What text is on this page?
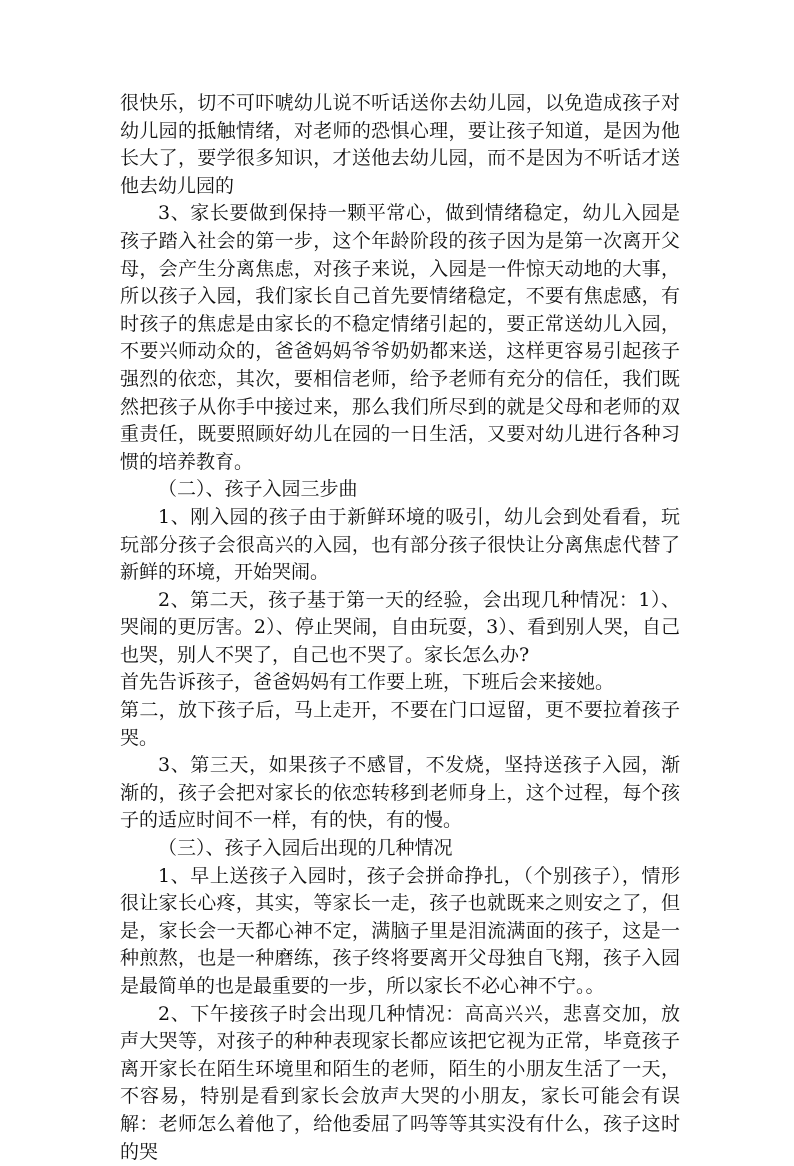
很快乐，切不可吓唬幼儿说不听话送你去幼儿园，以免造成孩子对幼儿园的抵触情绪，对老师的恐惧心理，要让孩子知道，是因为他长大了，要学很多知识，才送他去幼儿园，而不是因为不听话才送他去幼儿园的

3、家长要做到保持一颗平常心，做到情绪稳定，幼儿入园是孩子踏入社会的第一步，这个年龄阶段的孩子因为是第一次离开父母，会产生分离焦虑，对孩子来说，入园是一件惊天动地的大事，所以孩子入园，我们家长自己首先要情绪稳定，不要有焦虑感，有时孩子的焦虑是由家长的不稳定情绪引起的，要正常送幼儿入园，不要兴师动众的，爸爸妈妈爷爷奶奶都来送，这样更容易引起孩子强烈的依恋，其次，要相信老师，给予老师有充分的信任，我们既然把孩子从你手中接过来，那么我们所尽到的就是父母和老师的双重责任，既要照顾好幼儿在园的一日生活，又要对幼儿进行各种习惯的培养教育。

（二）、孩子入园三步曲

1、刚入园的孩子由于新鲜环境的吸引，幼儿会到处看看，玩玩部分孩子会很高兴的入园，也有部分孩子很快让分离焦虑代替了新鲜的环境，开始哭闹。

2、第二天，孩子基于第一天的经验，会出现几种情况：1）、哭闹的更厉害。2）、停止哭闹，自由玩耍，3）、看到别人哭，自己也哭，别人不哭了，自己也不哭了。家长怎么办?

首先告诉孩子，爸爸妈妈有工作要上班，下班后会来接她。

第二，放下孩子后，马上走开，不要在门口逗留，更不要拉着孩子哭。

3、第三天，如果孩子不感冒，不发烧，坚持送孩子入园，渐渐的，孩子会把对家长的依恋转移到老师身上，这个过程，每个孩子的适应时间不一样，有的快，有的慢。

（三）、孩子入园后出现的几种情况

1、早上送孩子入园时，孩子会拼命挣扎，（个别孩子），情形很让家长心疼，其实，等家长一走，孩子也就既来之则安之了，但是，家长会一天都心神不定，满脑子里是泪流满面的孩子，这是一种煎熬，也是一种磨练，孩子终将要离开父母独自飞翔，孩子入园是最简单的也是最重要的一步，所以家长不必心神不宁。。

2、下午接孩子时会出现几种情况：高高兴兴，悲喜交加，放声大哭等，对孩子的种种表现家长都应该把它视为正常，毕竟孩子离开家长在陌生环境里和陌生的老师，陌生的小朋友生活了一天，不容易，特别是看到家长会放声大哭的小朋友，家长可能会有误解：老师怎么着他了，给他委屈了吗等等其实没有什么，孩子这时的哭
